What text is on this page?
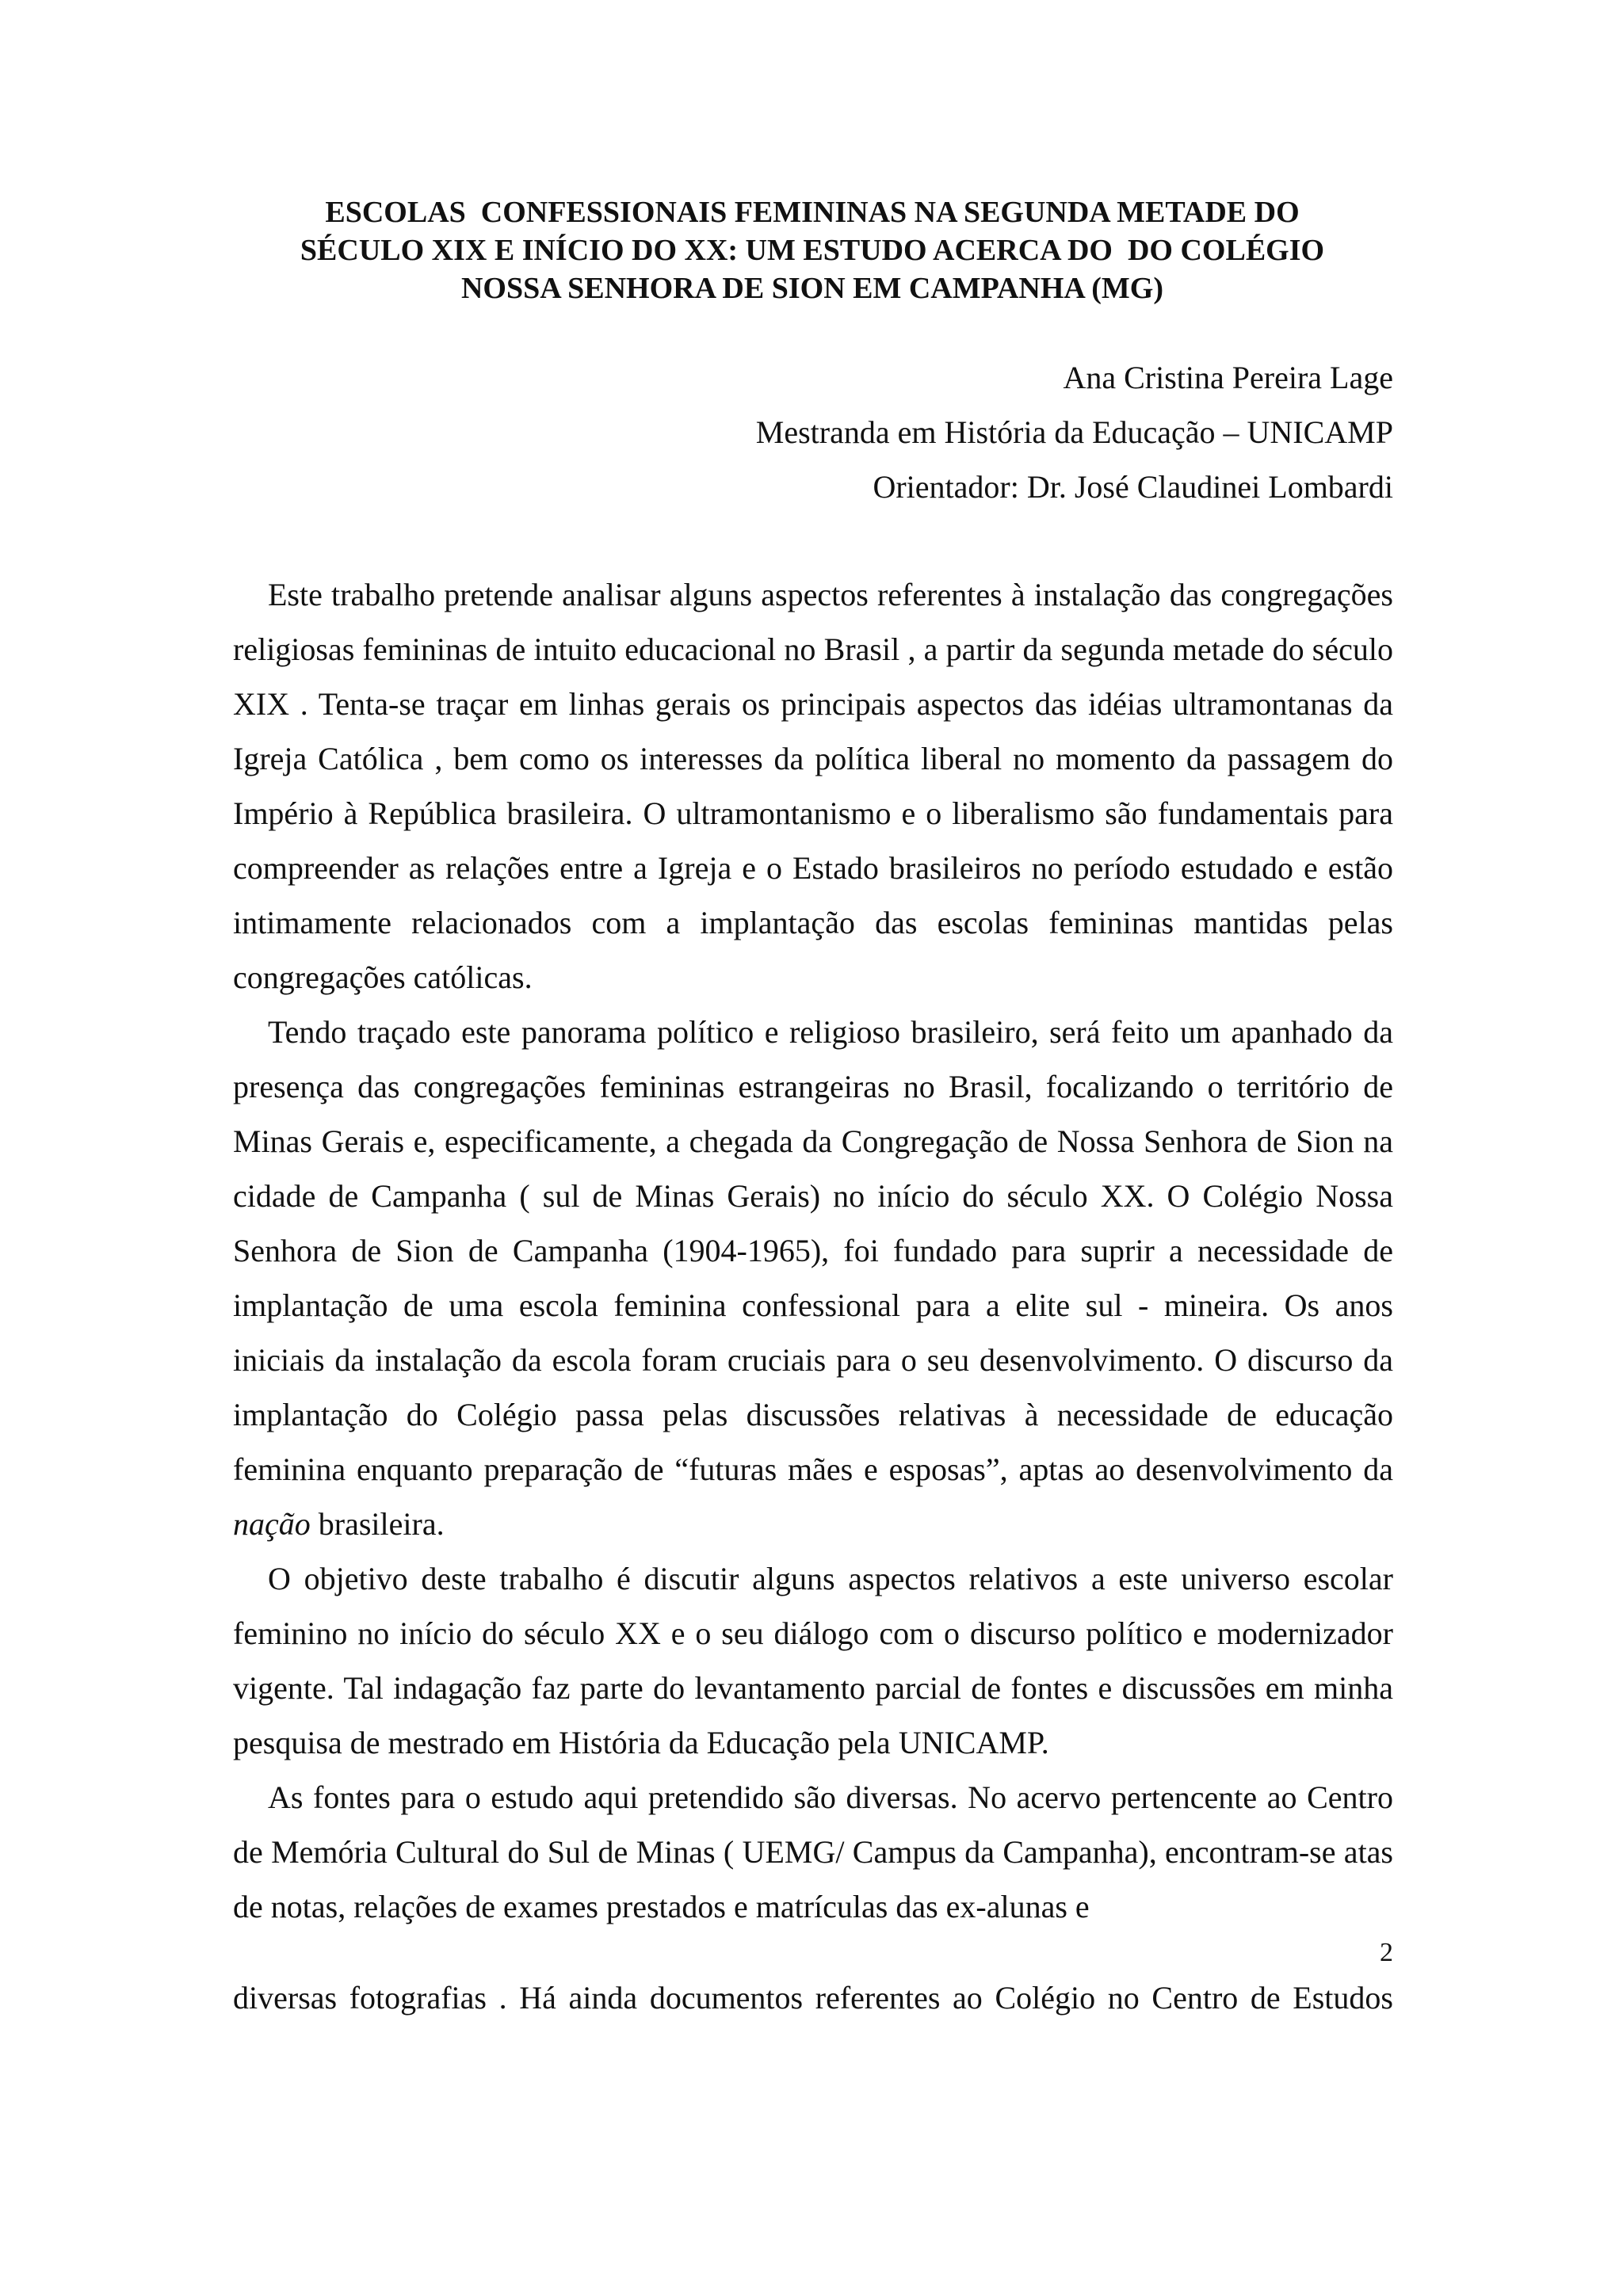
ESCOLAS  CONFESSIONAIS FEMININAS NA SEGUNDA METADE DO
SÉCULO XIX E INÍCIO DO XX: UM ESTUDO ACERCA DO  DO COLÉGIO
NOSSA SENHORA DE SION EM CAMPANHA (MG)
Ana Cristina Pereira Lage
Mestranda em História da Educação – UNICAMP
Orientador: Dr. José Claudinei Lombardi

Este trabalho pretende analisar alguns aspectos referentes à instalação das congregações religiosas femininas de intuito educacional no Brasil , a partir da segunda metade do século XIX . Tenta-se traçar em linhas gerais os principais aspectos das idéias ultramontanas da Igreja Católica , bem como os interesses da política liberal no momento da passagem do Império à República brasileira. O ultramontanismo e o liberalismo são fundamentais para compreender as relações entre a Igreja e o Estado brasileiros no período estudado e estão intimamente relacionados com a implantação das escolas femininas mantidas pelas congregações católicas.

Tendo traçado este panorama político e religioso brasileiro, será feito um apanhado da presença das congregações femininas estrangeiras no Brasil, focalizando o território de Minas Gerais e, especificamente, a chegada da Congregação de Nossa Senhora de Sion na cidade de Campanha ( sul de Minas Gerais) no início do século XX. O Colégio Nossa Senhora de Sion de Campanha (1904-1965), foi fundado para suprir a necessidade de implantação de uma escola feminina confessional para a elite sul - mineira. Os anos iniciais da instalação da escola foram cruciais para o seu desenvolvimento. O discurso da implantação do Colégio passa pelas discussões relativas à necessidade de educação feminina enquanto preparação de “futuras mães e esposas”, aptas ao desenvolvimento da nação brasileira.

O objetivo deste trabalho é discutir alguns aspectos relativos a este universo escolar feminino no início do século XX e o seu diálogo com o discurso político e modernizador vigente. Tal indagação faz parte do levantamento parcial de fontes e discussões em minha pesquisa de mestrado em História da Educação pela UNICAMP.

As fontes para o estudo aqui pretendido são diversas. No acervo pertencente ao Centro de Memória Cultural do Sul de Minas ( UEMG/ Campus da Campanha), encontram-se atas de notas, relações de exames prestados e matrículas das ex-alunas e

2
diversas fotografias . Há ainda documentos referentes ao Colégio no Centro de Estudos
